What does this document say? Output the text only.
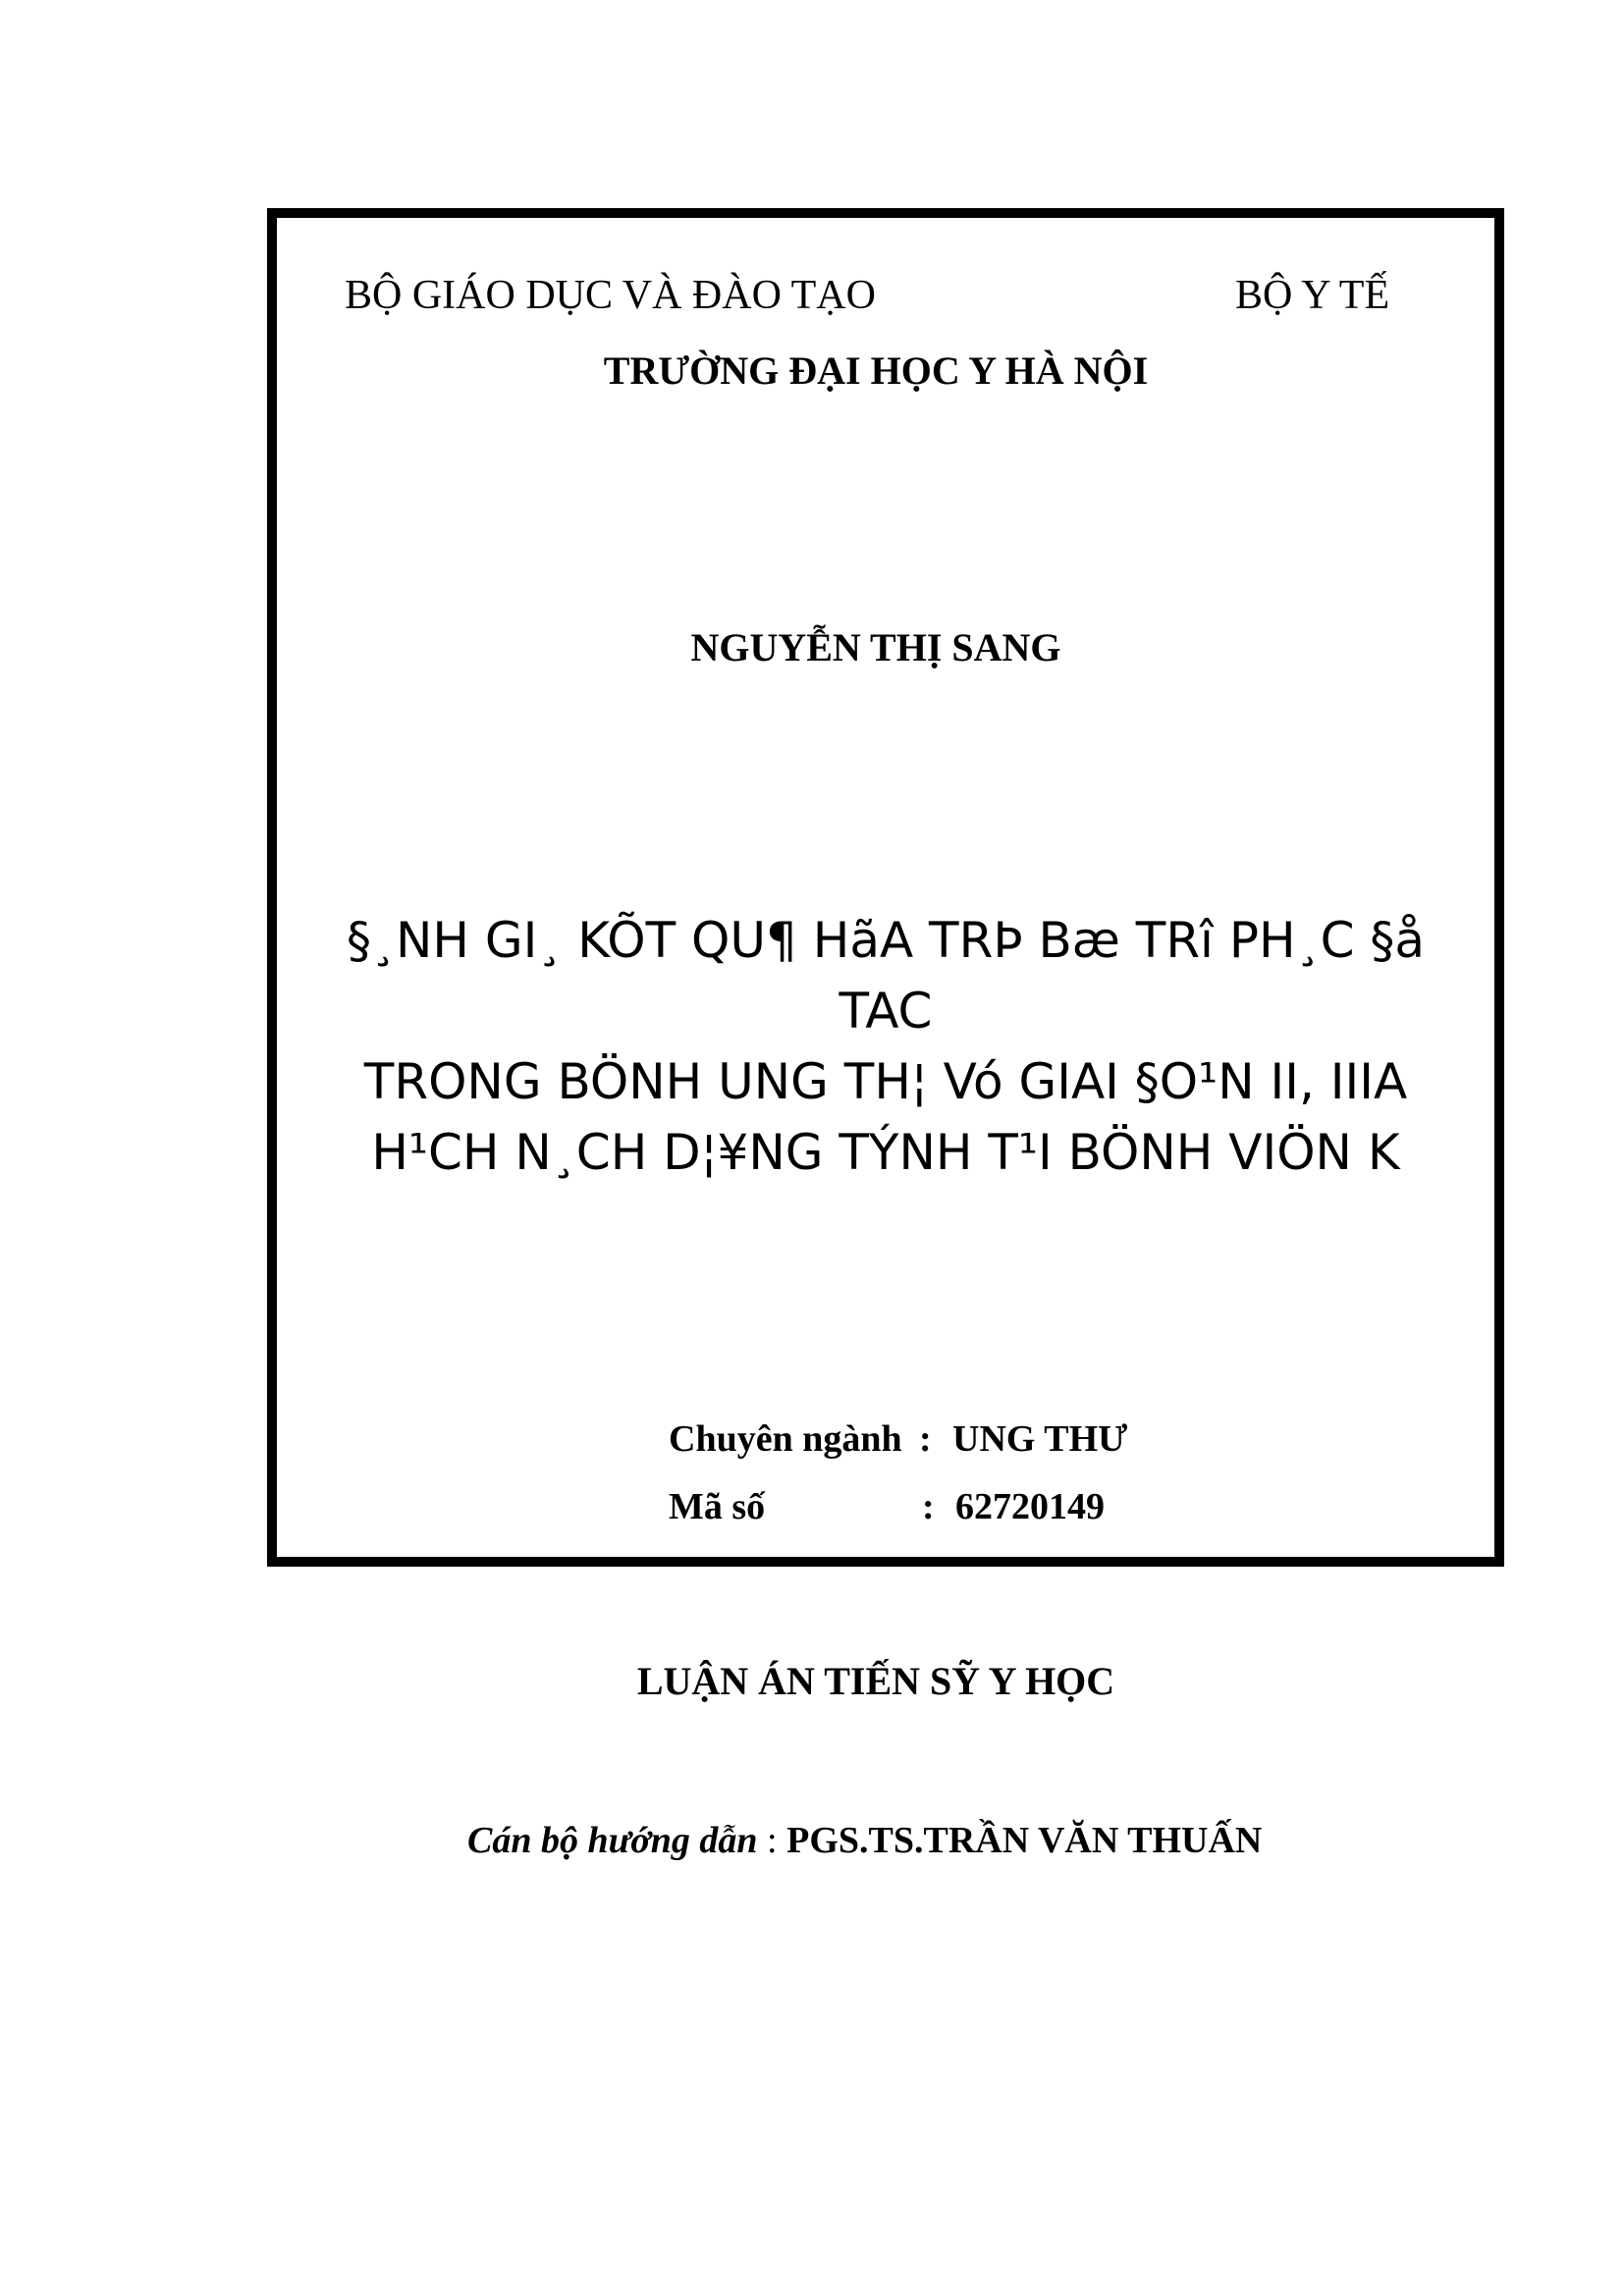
BỘ GIÁO DỤC VÀ ĐÀO TẠO	BỘ Y TẾ
TRƯỜNG ĐẠI HỌC Y HÀ NỘI
NGUYỄN THỊ SANG
§¸NH GI¸ KÕT QU¶ HãA TRÞ Bæ TRî PH¸C §å
TAC
TRONG BÖNH UNG TH¦ Vó GIAI §O¹N II, IIIA
H¹CH N¸CH D¦¥NG TÝNH T¹I BÖNH VIÖN K
Chuyên ngành : UNG THƯ
Mã số	: 62720149
LUẬN ÁN TIẾN SỸ Y HỌC
Cán bộ hướng dẫn : PGS.TS.TRẦN VĂN THUẤN
